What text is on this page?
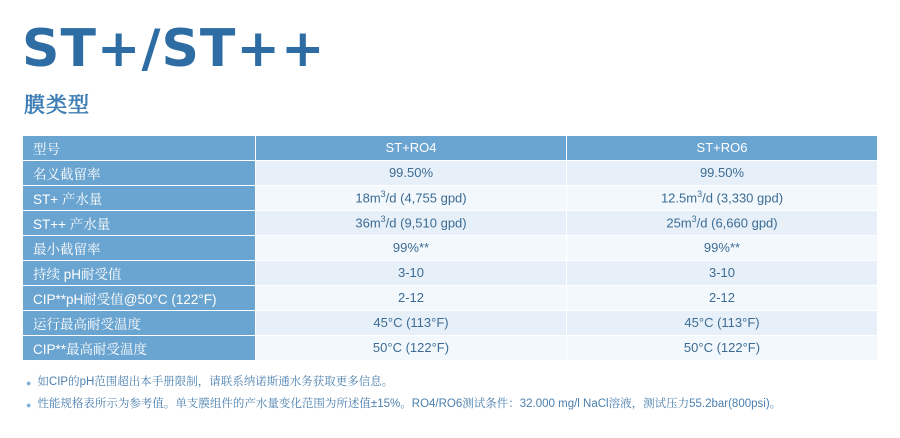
ST+/ST++
膜类型
型号	ST+RO4	ST+RO6
名义截留率	99.50%	99.50%
ST+ 产水量	$18m^3/d$ (4,755 gpd)	$12.5m^3/d$ (3,330 gpd)
ST++ 产水量	$36m^3/d$ (9,510 gpd)	$25m^3/d$ (6,660 gpd)
最小截留率	99%**	99%**
持续 pH耐受值	3-10	3-10
CIP**pH耐受值@50°C (122°F)	2-12	2-12
运行最高耐受温度	45°C (113°F)	45°C (113°F)
CIP**最高耐受温度	50°C (122°F)	50°C (122°F)
● 如CIP的pH范围超出本手册限制，请联系纳诺斯通水务获取更多信息。
● 性能规格表所示为参考值。单支膜组件的产水量变化范围为所述值±15%。RO4/RO6测试条件：32.000 mg/l NaCl溶液，测试压力55.2bar(800psi)。
